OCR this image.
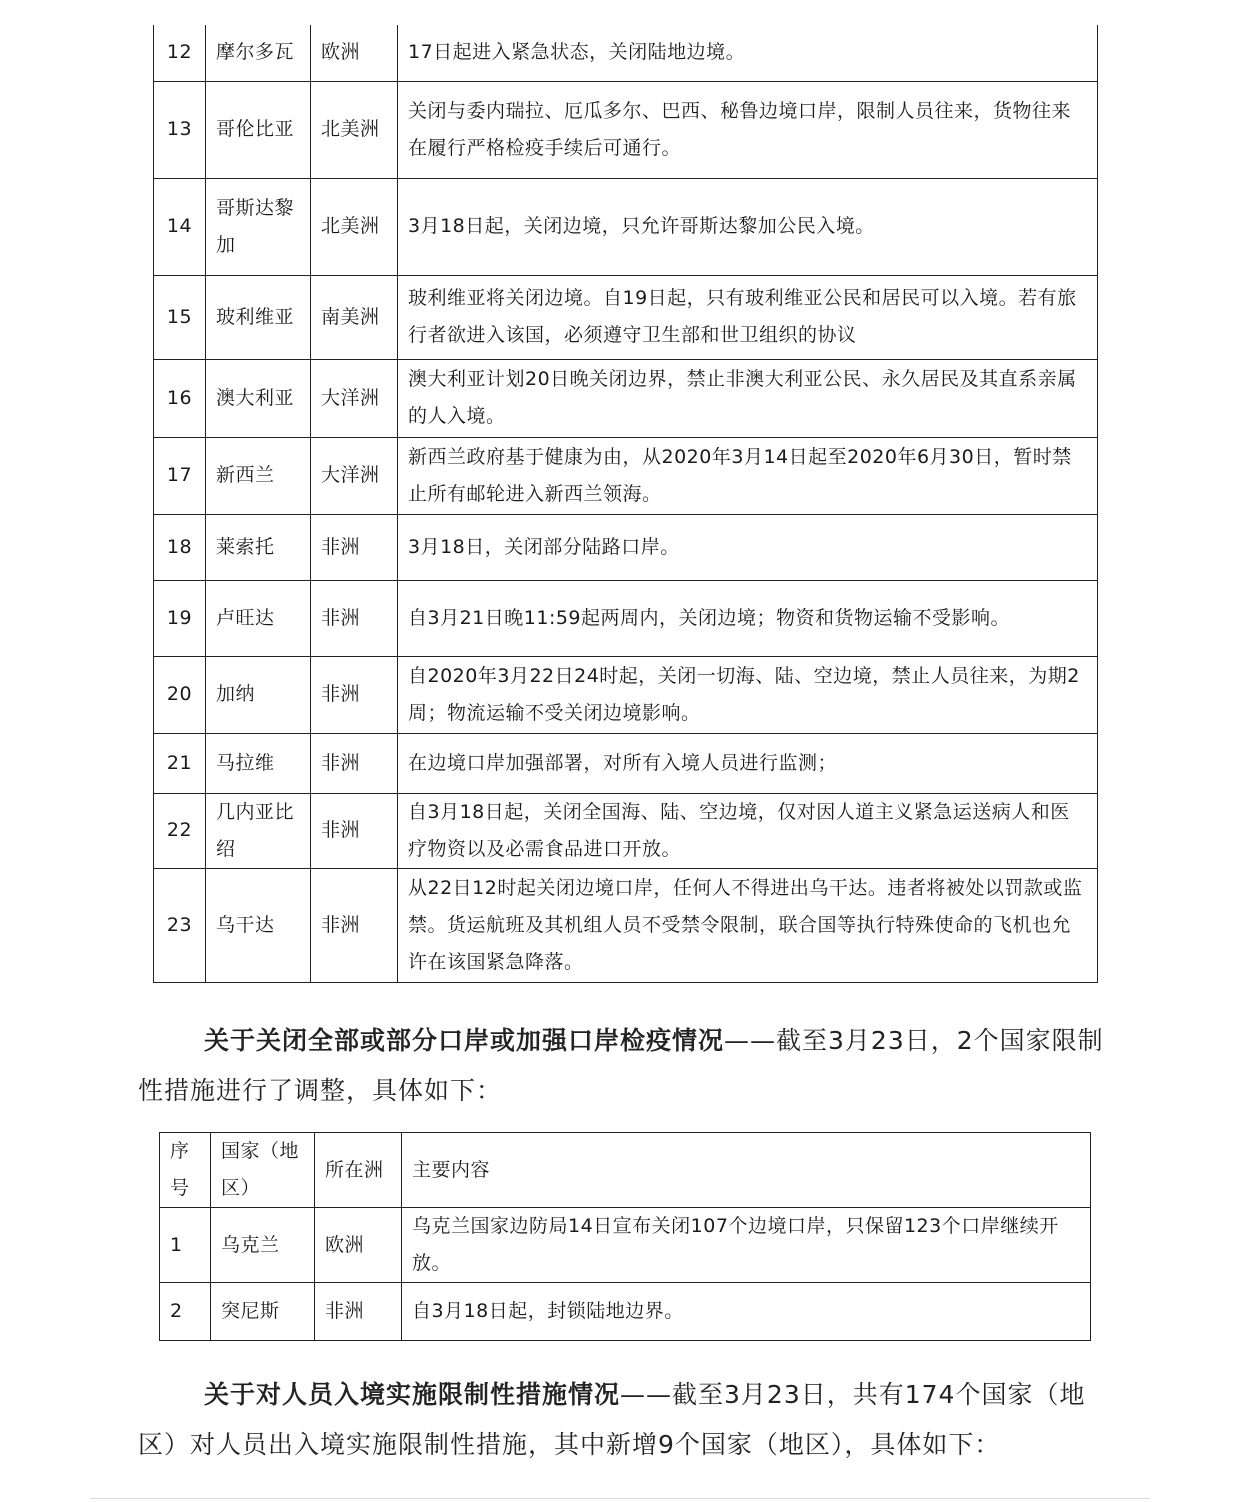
12	摩尔多瓦	欧洲	17日起进入紧急状态，关闭陆地边境。
13	哥伦比亚	北美洲	关闭与委内瑞拉、厄瓜多尔、巴西、秘鲁边境口岸，限制人员往来，货物往来在履行严格检疫手续后可通行。
14	哥斯达黎加	北美洲	3月18日起，关闭边境，只允许哥斯达黎加公民入境。
15	玻利维亚	南美洲	玻利维亚将关闭边境。自19日起，只有玻利维亚公民和居民可以入境。若有旅行者欲进入该国，必须遵守卫生部和世卫组织的协议
16	澳大利亚	大洋洲	澳大利亚计划20日晚关闭边界，禁止非澳大利亚公民、永久居民及其直系亲属的人入境。
17	新西兰	大洋洲	新西兰政府基于健康为由，从2020年3月14日起至2020年6月30日，暂时禁止所有邮轮进入新西兰领海。
18	莱索托	非洲	3月18日，关闭部分陆路口岸。
19	卢旺达	非洲	自3月21日晚11:59起两周内，关闭边境；物资和货物运输不受影响。
20	加纳	非洲	自2020年3月22日24时起，关闭一切海、陆、空边境，禁止人员往来，为期2周；物流运输不受关闭边境影响。
21	马拉维	非洲	在边境口岸加强部署，对所有入境人员进行监测；
22	几内亚比绍	非洲	自3月18日起，关闭全国海、陆、空边境，仅对因人道主义紧急运送病人和医疗物资以及必需食品进口开放。
23	乌干达	非洲	从22日12时起关闭边境口岸，任何人不得进出乌干达。违者将被处以罚款或监禁。货运航班及其机组人员不受禁令限制，联合国等执行特殊使命的飞机也允许在该国紧急降落。
关于关闭全部或部分口岸或加强口岸检疫情况——截至3月23日，2个国家限制性措施进行了调整，具体如下：
序号	国家（地区）	所在洲	主要内容
1	乌克兰	欧洲	乌克兰国家边防局14日宣布关闭107个边境口岸，只保留123个口岸继续开放。
2	突尼斯	非洲	自3月18日起，封锁陆地边界。
关于对人员入境实施限制性措施情况——截至3月23日，共有174个国家（地区）对人员出入境实施限制性措施，其中新增9个国家（地区），具体如下：
